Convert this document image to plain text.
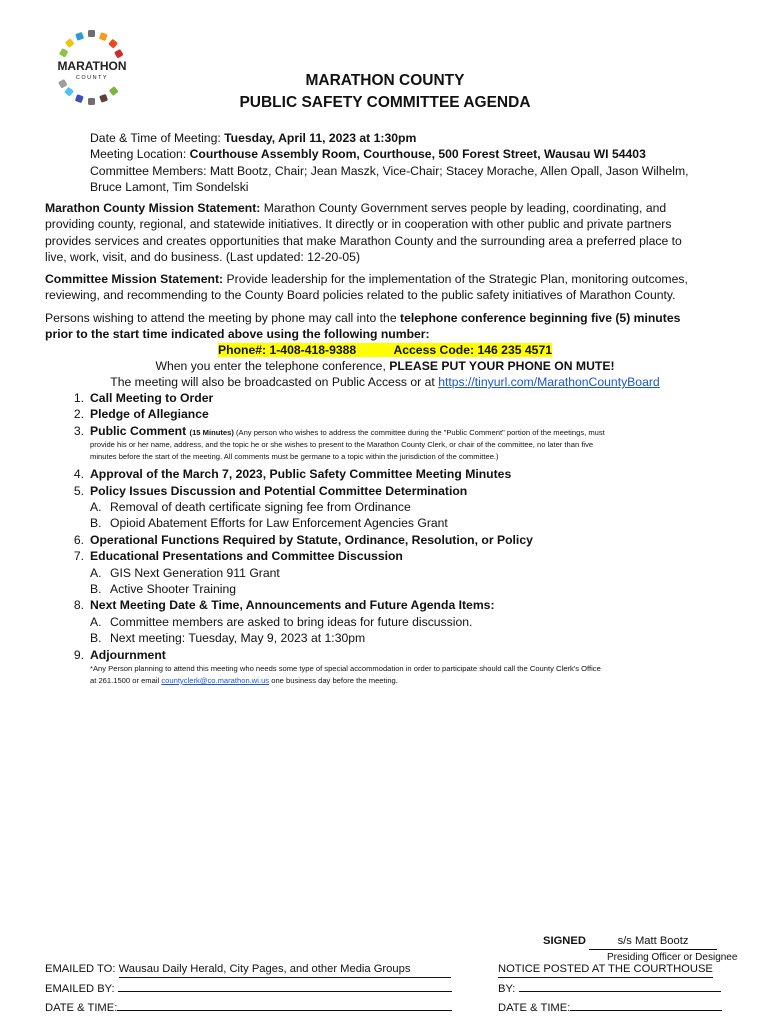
MARATHON
COUNTY	MARATHON COUNTY
PUBLIC SAFETY COMMITTEE AGENDA
Date & Time of Meeting: Tuesday, April 11, 2023 at 1:30pm
Meeting Location: Courthouse Assembly Room, Courthouse, 500 Forest Street, Wausau WI 54403
Committee Members: Matt Bootz, Chair; Jean Maszk, Vice-Chair; Stacey Morache, Allen Opall, Jason Wilhelm,
Bruce Lamont, Tim Sondelski
Marathon County Mission Statement: Marathon County Government serves people by leading, coordinating, and
providing county, regional, and statewide initiatives. It directly or in cooperation with other public and private partners
provides services and creates opportunities that make Marathon County and the surrounding area a preferred place to
live, work, visit, and do business. (Last updated: 12-20-05)
Committee Mission Statement: Provide leadership for the implementation of the Strategic Plan, monitoring outcomes,
reviewing, and recommending to the County Board policies related to the public safety initiatives of Marathon County.
Persons wishing to attend the meeting by phone may call into the telephone conference beginning five (5) minutes
prior to the start time indicated above using the following number:
Phone#: 1-408-418-9388	Access Code: 146 235 4571
When you enter the telephone conference, PLEASE PUT YOUR PHONE ON MUTE!
The meeting will also be broadcasted on Public Access or at https://tinyurl.com/MarathonCountyBoard
1. Call Meeting to Order
2. Pledge of Allegiance
3. Public Comment (15 Minutes) (Any person who wishes to address the committee during the "Public Comment" portion of the meetings, must
provide his or her name, address, and the topic he or she wishes to present to the Marathon County Clerk, or chair of the committee, no later than five
minutes before the start of the meeting. All comments must be germane to a topic within the jurisdiction of the committee.)
4. Approval of the March 7, 2023, Public Safety Committee Meeting Minutes
5. Policy Issues Discussion and Potential Committee Determination
A. Removal of death certificate signing fee from Ordinance
B. Opioid Abatement Efforts for Law Enforcement Agencies Grant
6. Operational Functions Required by Statute, Ordinance, Resolution, or Policy
7. Educational Presentations and Committee Discussion
A. GIS Next Generation 911 Grant
B. Active Shooter Training
8. Next Meeting Date & Time, Announcements and Future Agenda Items:
A. Committee members are asked to bring ideas for future discussion.
B. Next meeting: Tuesday, May 9, 2023 at 1:30pm
9. Adjournment
*Any Person planning to attend this meeting who needs some type of special accommodation in order to participate should call the County Clerk's Office
at 261.1500 or email countyclerk@co.marathon.wi.us one business day before the meeting.
SIGNED	s/s Matt Bootz
Presiding Officer or Designee
EMAILED TO: Wausau Daily Herald, City Pages, and other Media Groups
EMAILED BY:
DATE & TIME:
NOTICE POSTED AT THE COURTHOUSE
BY:
DATE & TIME:
